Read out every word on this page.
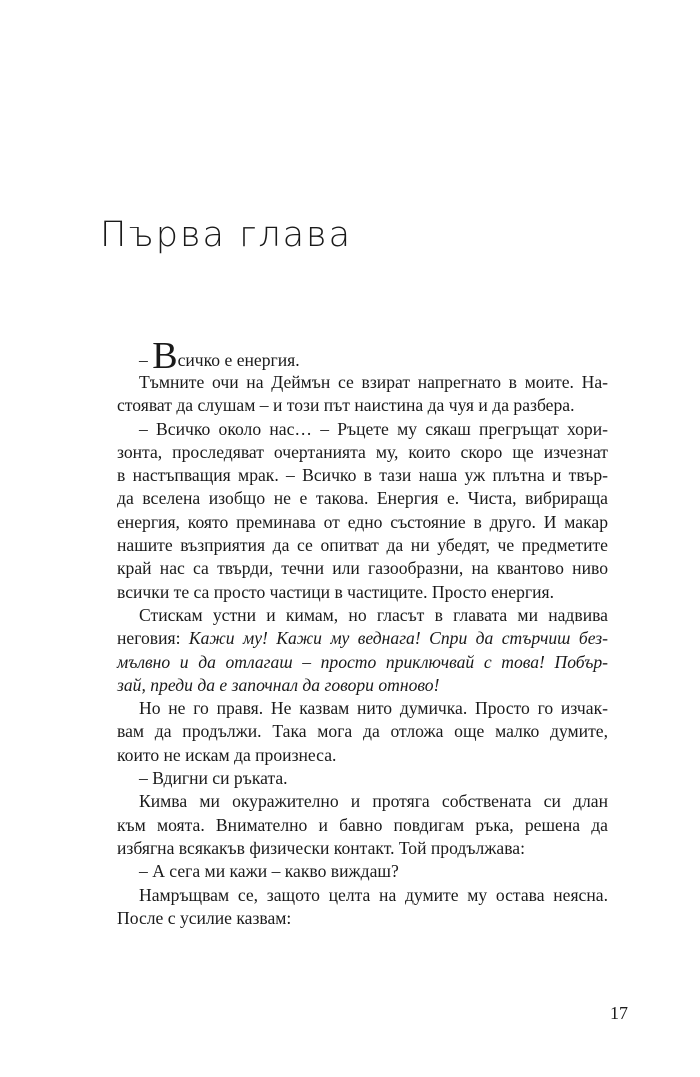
Първа глава
– Всичко е енергия.
Тъмните очи на Деймън се взират напрегнато в моите. На-
стояват да слушам – и този път наистина да чуя и да разбера.
– Всичко около нас… – Ръцете му сякаш прегръщат хори-
зонта, проследяват очертанията му, които скоро ще изчезнат
в настъпващия мрак. – Всичко в тази наша уж плътна и твър-
да вселена изобщо не е такова. Енергия е. Чиста, вибрираща
енергия, която преминава от едно състояние в друго. И макар
нашите възприятия да се опитват да ни убедят, че предметите
край нас са твърди, течни или газообразни, на квантово ниво
всички те са просто частици в частиците. Просто енергия.
Стискам устни и кимам, но гласът в главата ми надвива
неговия: Кажи му! Кажи му веднага! Спри да стърчиш без-
мълвно и да отлагаш – просто приключвай с това! Побър-
зай, преди да е започнал да говори отново!
Но не го правя. Не казвам нито думичка. Просто го изчак-
вам да продължи. Така мога да отложа още малко думите,
които не искам да произнеса.
– Вдигни си ръката.
Кимва ми окуражително и протяга собствената си длан
към моята. Внимателно и бавно повдигам ръка, решена да
избягна всякакъв физически контакт. Той продължава:
– А сега ми кажи – какво виждаш?
Намръщвам се, защото целта на думите му остава неясна.
После с усилие казвам:
17
